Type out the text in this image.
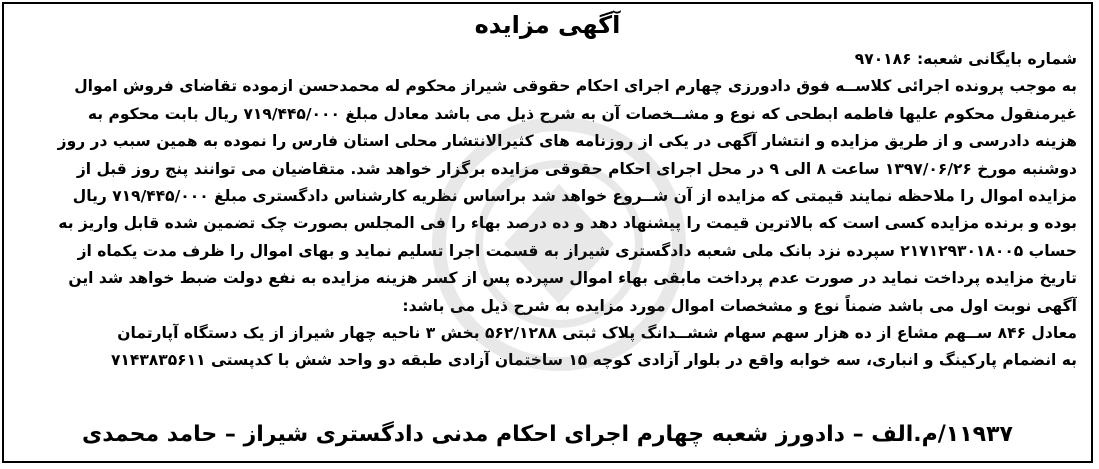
آگهی مزایده
شماره بایگانی شعبه: ۹۷۰۱۸۶
به موجب پرونده اجرائی کلاســه فوق دادورزی چهارم اجرای احکام حقوقی شیراز محکوم له محمدحسن ازموده تقاضای فروش اموال
غیرمنقول محکوم علیها فاطمه ابطحی که نوع و مشــخصات آن به شرح ذیل می باشد معادل مبلغ ۷۱۹/۴۴۵/۰۰۰ ریال بابت محکوم به
هزینه دادرسی و از طریق مزایده و انتشار آگهی در یکی از روزنامه های کثیرالانتشار محلی استان فارس را نموده به همین سبب در روز
دوشنبه مورخ ۱۳۹۷/۰۶/۲۶ ساعت ۸ الی ۹ در محل اجرای احکام حقوقی مزایده برگزار خواهد شد. متقاضیان می توانند پنج روز قبل از
مزایده اموال را ملاحظه نمایند قیمتی که مزایده از آن شــروع خواهد شد براساس نظریه کارشناس دادگستری مبلغ ۷۱۹/۴۴۵/۰۰۰ ریال
بوده و برنده مزایده کسی است که بالاترین قیمت را پیشنهاد دهد و ده درصد بهاء را فی المجلس بصورت چک تضمین شده قابل واریز به
حساب ۲۱۷۱۲۹۳۰۱۸۰۰۵ سپرده نزد بانک ملی شعبه دادگستری شیراز به قسمت اجرا تسلیم نماید و بهای اموال را ظرف مدت یکماه از
تاریخ مزایده پرداخت نماید در صورت عدم پرداخت مابقی بهاء اموال سپرده پس از کسر هزینه مزایده به نفع دولت ضبط خواهد شد این
آگهی نوبت اول می باشد ضمناً نوع و مشخصات اموال مورد مزایده به شرح ذیل می باشد:
معادل ۸۴۶ ســهم مشاع از ده هزار سهم سهام ششــدانگ پلاک ثبتی ۵۶۲/۱۲۸۸ بخش ۳ ناحیه چهار شیراز از یک دستگاه آپارتمان
به انضمام پارکینگ و انباری، سه خوابه واقع در بلوار آزادی کوچه ۱۵ ساختمان آزادی طبقه دو واحد شش با کدپستی ۷۱۴۳۸۳۵۶۱۱
۱۱۹۳۷/م.الف – دادورز شعبه چهارم اجرای احکام مدنی دادگستری شیراز – حامد محمدی
